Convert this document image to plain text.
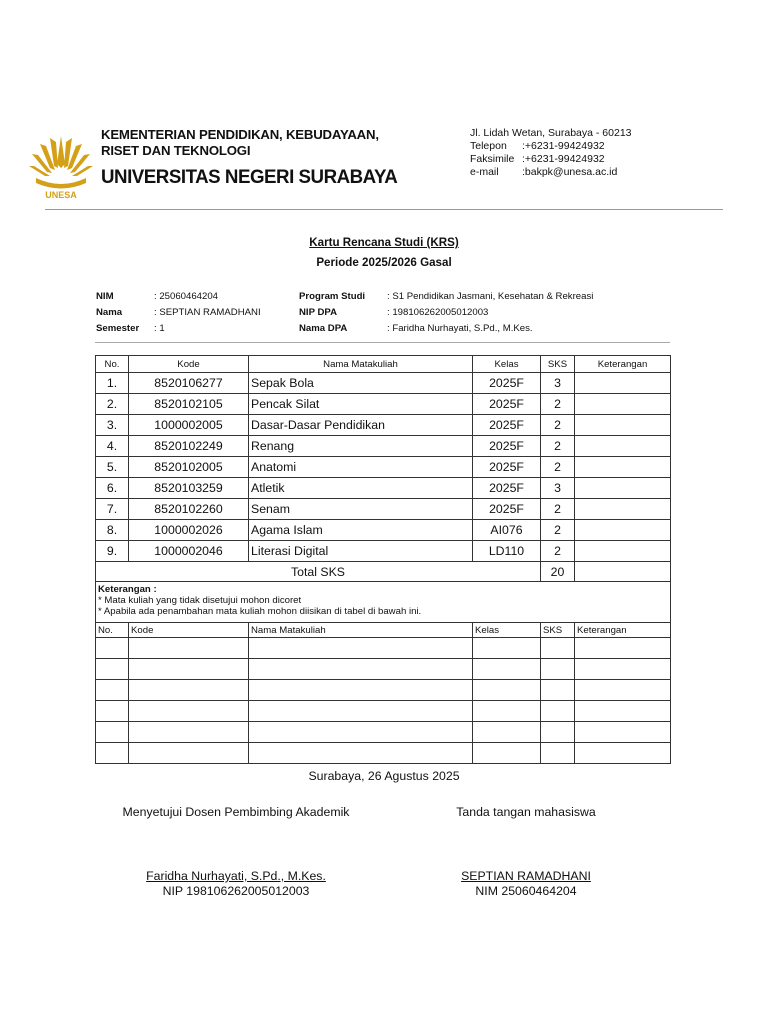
UNESA
KEMENTERIAN PENDIDIKAN, KEBUDAYAAN,
RISET DAN TEKNOLOGI
UNIVERSITAS NEGERI SURABAYA
Jl. Lidah Wetan, Surabaya - 60213
Telepon :+6231-99424932
Faksimile :+6231-99424932
e-mail :bakpk@unesa.ac.id
Kartu Rencana Studi (KRS)
Periode 2025/2026 Gasal
NIM	: 25060464204
Nama	: SEPTIAN RAMADHANI
Semester : 1
Program Studi : S1 Pendidikan Jasmani, Kesehatan & Rekreasi
NIP DPA	: 198106262005012003
Nama DPA	: Faridha Nurhayati, S.Pd., M.Kes.
No.	Kode	Nama Matakuliah	Kelas	SKS	Keterangan
1.	8520106277	Sepak Bola	2025F	3	
2.	8520102105	Pencak Silat	2025F	2	
3.	1000002005	Dasar-Dasar Pendidikan	2025F	2	
4.	8520102249	Renang	2025F	2	
5.	8520102005	Anatomi	2025F	2	
6.	8520103259	Atletik	2025F	3	
7.	8520102260	Senam	2025F	2	
8.	1000002026	Agama Islam	AI076	2	
9.	1000002046	Literasi Digital	LD110	2	
Total SKS				20	

Keterangan :
* Mata kuliah yang tidak disetujui mohon dicoret
* Apabila ada penambahan mata kuliah mohon diisikan di tabel di bawah ini.					

No.	Kode	Nama Matakuliah	Kelas	SKS	Keterangan

Surabaya, 26 Agustus 2025
Menyetujui Dosen Pembimbing Akademik	Tanda tangan mahasiswa
Faridha Nurhayati, S.Pd., M.Kes.
NIP 198106262005012003
SEPTIAN RAMADHANI
NIM 25060464204
